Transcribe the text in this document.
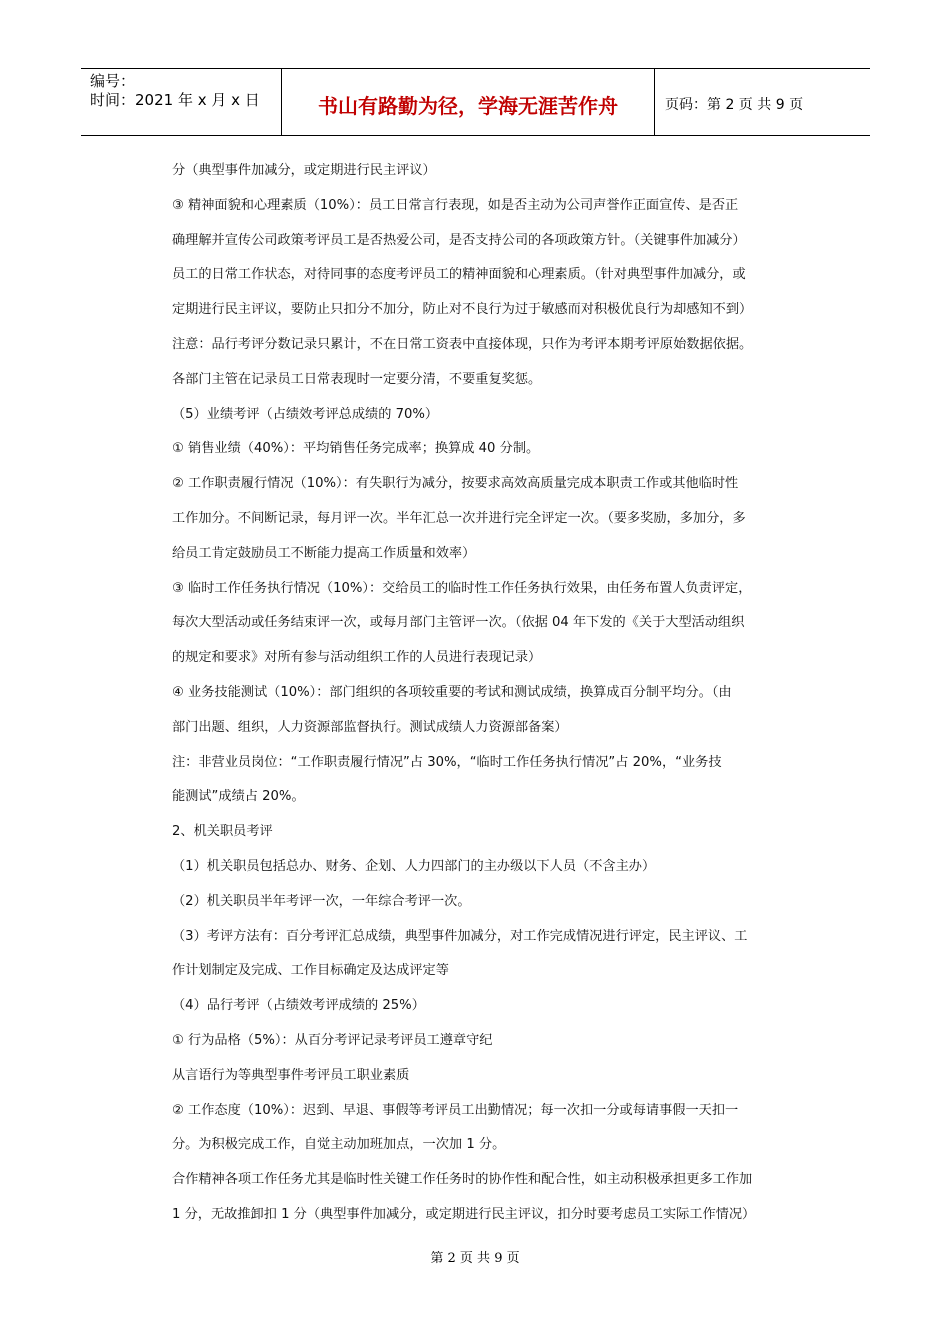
编号：
时间：2021 年 x 月 x 日	书山有路勤为径，学海无涯苦作舟	页码：第 2 页 共 9 页
分（典型事件加减分，或定期进行民主评议）
③ 精神面貌和心理素质（10%）：员工日常言行表现，如是否主动为公司声誉作正面宣传、是否正
确理解并宣传公司政策考评员工是否热爱公司，是否支持公司的各项政策方针。（关键事件加减分）
员工的日常工作状态，对待同事的态度考评员工的精神面貌和心理素质。（针对典型事件加减分，或
定期进行民主评议，要防止只扣分不加分，防止对不良行为过于敏感而对积极优良行为却感知不到）
注意：品行考评分数记录只累计，不在日常工资表中直接体现，只作为考评本期考评原始数据依据。
各部门主管在记录员工日常表现时一定要分清，不要重复奖惩。
（5）业绩考评（占绩效考评总成绩的 70%）
① 销售业绩（40%）：平均销售任务完成率；换算成 40 分制。
② 工作职责履行情况（10%）：有失职行为减分，按要求高效高质量完成本职责工作或其他临时性
工作加分。不间断记录，每月评一次。半年汇总一次并进行完全评定一次。（要多奖励，多加分，多
给员工肯定鼓励员工不断能力提高工作质量和效率）
③ 临时工作任务执行情况（10%）：交给员工的临时性工作任务执行效果，由任务布置人负责评定，
每次大型活动或任务结束评一次，或每月部门主管评一次。（依据 04 年下发的《关于大型活动组织
的规定和要求》对所有参与活动组织工作的人员进行表现记录）
④ 业务技能测试（10%）：部门组织的各项较重要的考试和测试成绩，换算成百分制平均分。（由
部门出题、组织，人力资源部监督执行。测试成绩人力资源部备案）
注：非营业员岗位：“工作职责履行情况”占 30%，“临时工作任务执行情况”占 20%，“业务技
能测试”成绩占 20%。
2、机关职员考评
（1）机关职员包括总办、财务、企划、人力四部门的主办级以下人员（不含主办）
（2）机关职员半年考评一次，一年综合考评一次。
（3）考评方法有：百分考评汇总成绩，典型事件加减分，对工作完成情况进行评定，民主评议、工
作计划制定及完成、工作目标确定及达成评定等
（4）品行考评（占绩效考评成绩的 25%）
① 行为品格（5%）：从百分考评记录考评员工遵章守纪
从言语行为等典型事件考评员工职业素质
② 工作态度（10%）：迟到、早退、事假等考评员工出勤情况；每一次扣一分或每请事假一天扣一
分。为积极完成工作，自觉主动加班加点，一次加 1 分。
合作精神各项工作任务尤其是临时性关键工作任务时的协作性和配合性，如主动积极承担更多工作加
1 分，无故推卸扣 1 分（典型事件加减分，或定期进行民主评议，扣分时要考虑员工实际工作情况）
第 2 页 共 9 页
